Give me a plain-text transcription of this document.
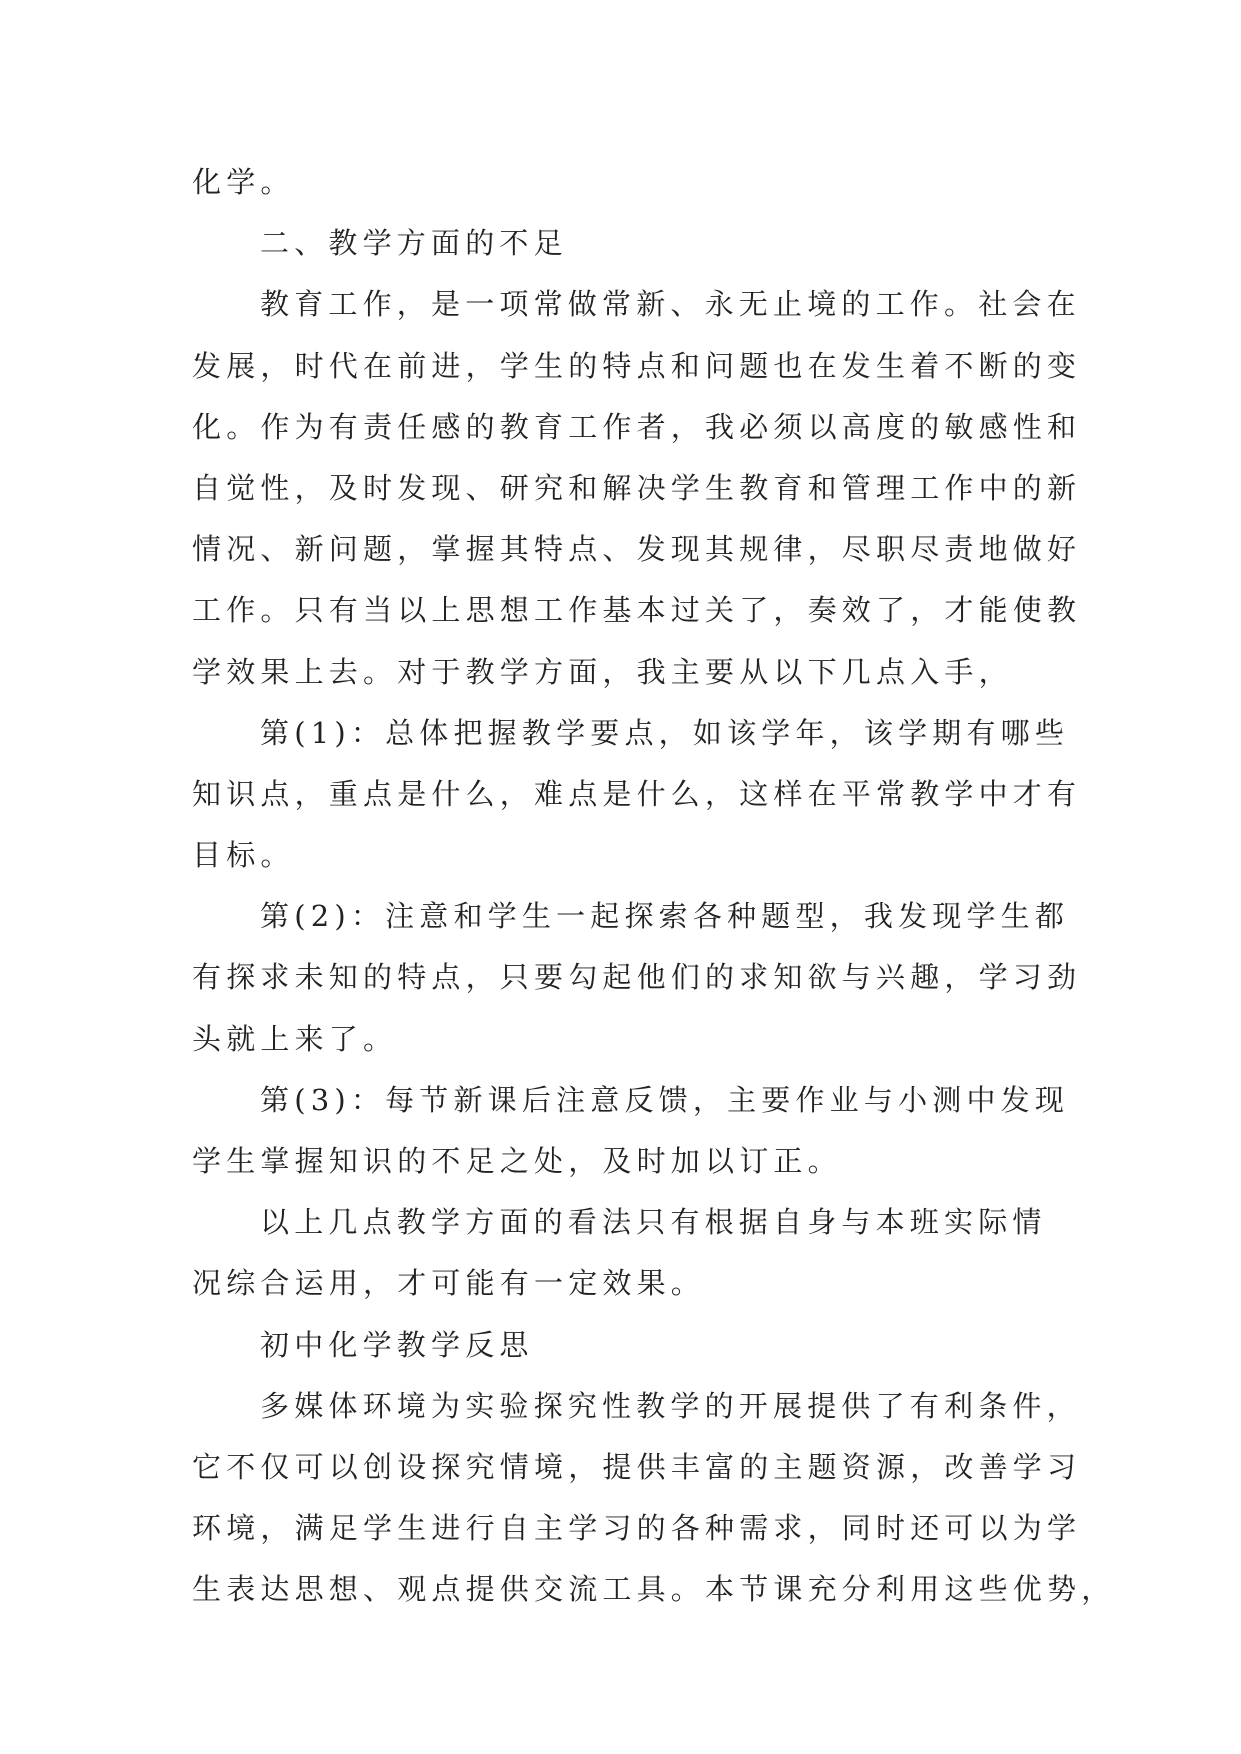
化学。
二、教学方面的不足
教育工作，是一项常做常新、永无止境的工作。社会在
发展，时代在前进，学生的特点和问题也在发生着不断的变
化。作为有责任感的教育工作者，我必须以高度的敏感性和
自觉性，及时发现、研究和解决学生教育和管理工作中的新
情况、新问题，掌握其特点、发现其规律，尽职尽责地做好
工作。只有当以上思想工作基本过关了，奏效了，才能使教
学效果上去。对于教学方面，我主要从以下几点入手，
第(1)：总体把握教学要点，如该学年，该学期有哪些
知识点，重点是什么，难点是什么，这样在平常教学中才有
目标。
第(2)：注意和学生一起探索各种题型，我发现学生都
有探求未知的特点，只要勾起他们的求知欲与兴趣，学习劲
头就上来了。
第(3)：每节新课后注意反馈，主要作业与小测中发现
学生掌握知识的不足之处，及时加以订正。
以上几点教学方面的看法只有根据自身与本班实际情
况综合运用，才可能有一定效果。
初中化学教学反思
多媒体环境为实验探究性教学的开展提供了有利条件，
它不仅可以创设探究情境，提供丰富的主题资源，改善学习
环境，满足学生进行自主学习的各种需求，同时还可以为学
生表达思想、观点提供交流工具。本节课充分利用这些优势，
